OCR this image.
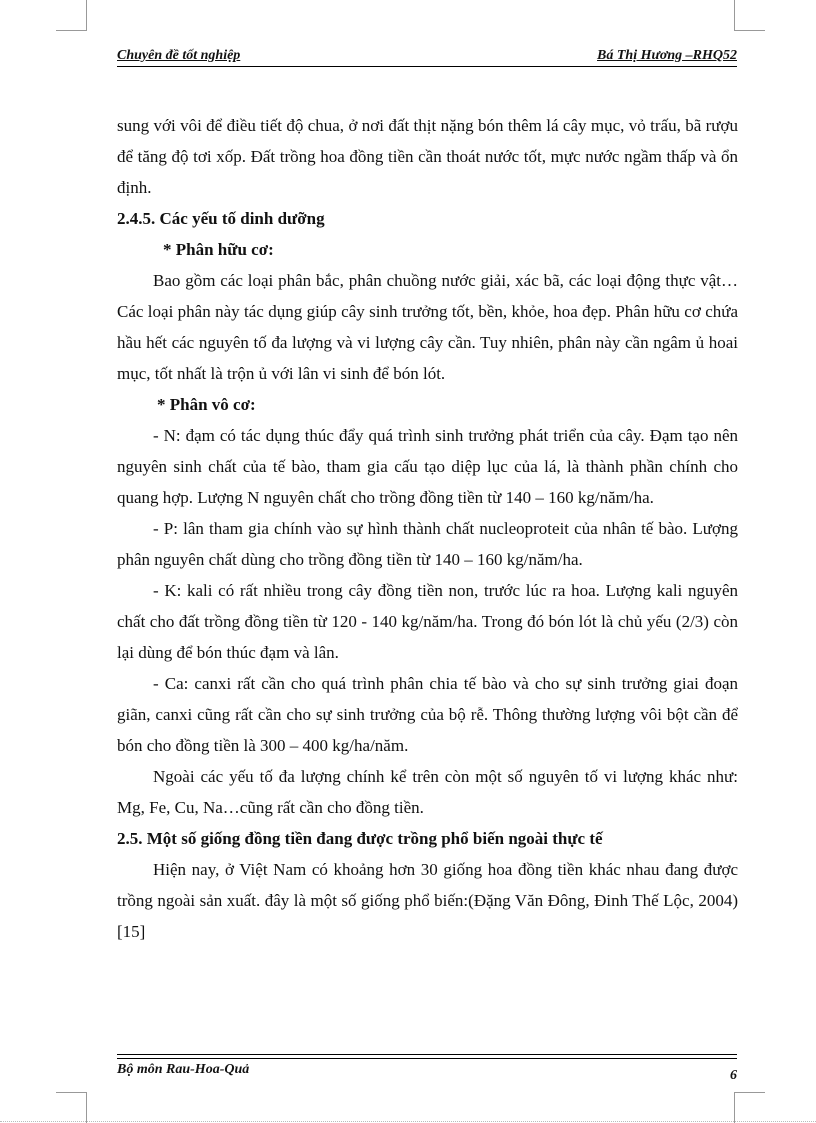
Chuyên đề tốt nghiệp	Bá Thị Hương –RHQ52

sung với vôi để điều tiết độ chua, ở nơi đất thịt nặng bón thêm lá cây mục, vỏ trấu, bã rượu để tăng độ tơi xốp. Đất trồng hoa đồng tiền cần thoát nước tốt, mực nước ngầm thấp và ổn định.

2.4.5. Các yếu tố dinh dưỡng

* Phân hữu cơ:

Bao gồm các loại phân bắc, phân chuồng nước giải, xác bã, các loại động thực vật… Các loại phân này tác dụng giúp cây sinh trưởng tốt, bền, khỏe, hoa đẹp. Phân hữu cơ chứa hầu hết các nguyên tố đa lượng và vi lượng cây cần. Tuy nhiên, phân này cần ngâm ủ hoai mục, tốt nhất là trộn ủ với lân vi sinh để bón lót.

* Phân vô cơ:

- N: đạm có tác dụng thúc đẩy quá trình sinh trưởng phát triển của cây. Đạm tạo nên nguyên sinh chất của tế bào, tham gia cấu tạo diệp lục của lá, là thành phần chính cho quang hợp. Lượng N nguyên chất cho trồng đồng tiền từ 140 – 160 kg/năm/ha.

- P: lân tham gia chính vào sự hình thành chất nucleoproteit của nhân tế bào. Lượng phân nguyên chất dùng cho trồng đồng tiền từ 140 – 160 kg/năm/ha.

- K: kali có rất nhiều trong cây đồng tiền non, trước lúc ra hoa. Lượng kali nguyên chất cho đất trồng đồng tiền từ 120 - 140 kg/năm/ha. Trong đó bón lót là chủ yếu (2/3) còn lại dùng để bón thúc đạm và lân.

- Ca: canxi rất cần cho quá trình phân chia tế bào và cho sự sinh trưởng giai đoạn giãn, canxi cũng rất cần cho sự sinh trưởng của bộ rễ. Thông thường lượng vôi bột cần để bón cho đồng tiền là 300 – 400 kg/ha/năm.

Ngoài các yếu tố đa lượng chính kể trên còn một số nguyên tố vi lượng khác như: Mg, Fe, Cu, Na…cũng rất cần cho đồng tiền.

2.5. Một số giống đồng tiền đang được trồng phổ biến ngoài thực tế

Hiện nay, ở Việt Nam có khoảng hơn 30 giống hoa đồng tiền khác nhau đang được trồng ngoài sản xuất. đây là một số giống phổ biến:(Đặng Văn Đông, Đinh Thế Lộc, 2004) [15]

Bộ môn Rau-Hoa-Quả	6
